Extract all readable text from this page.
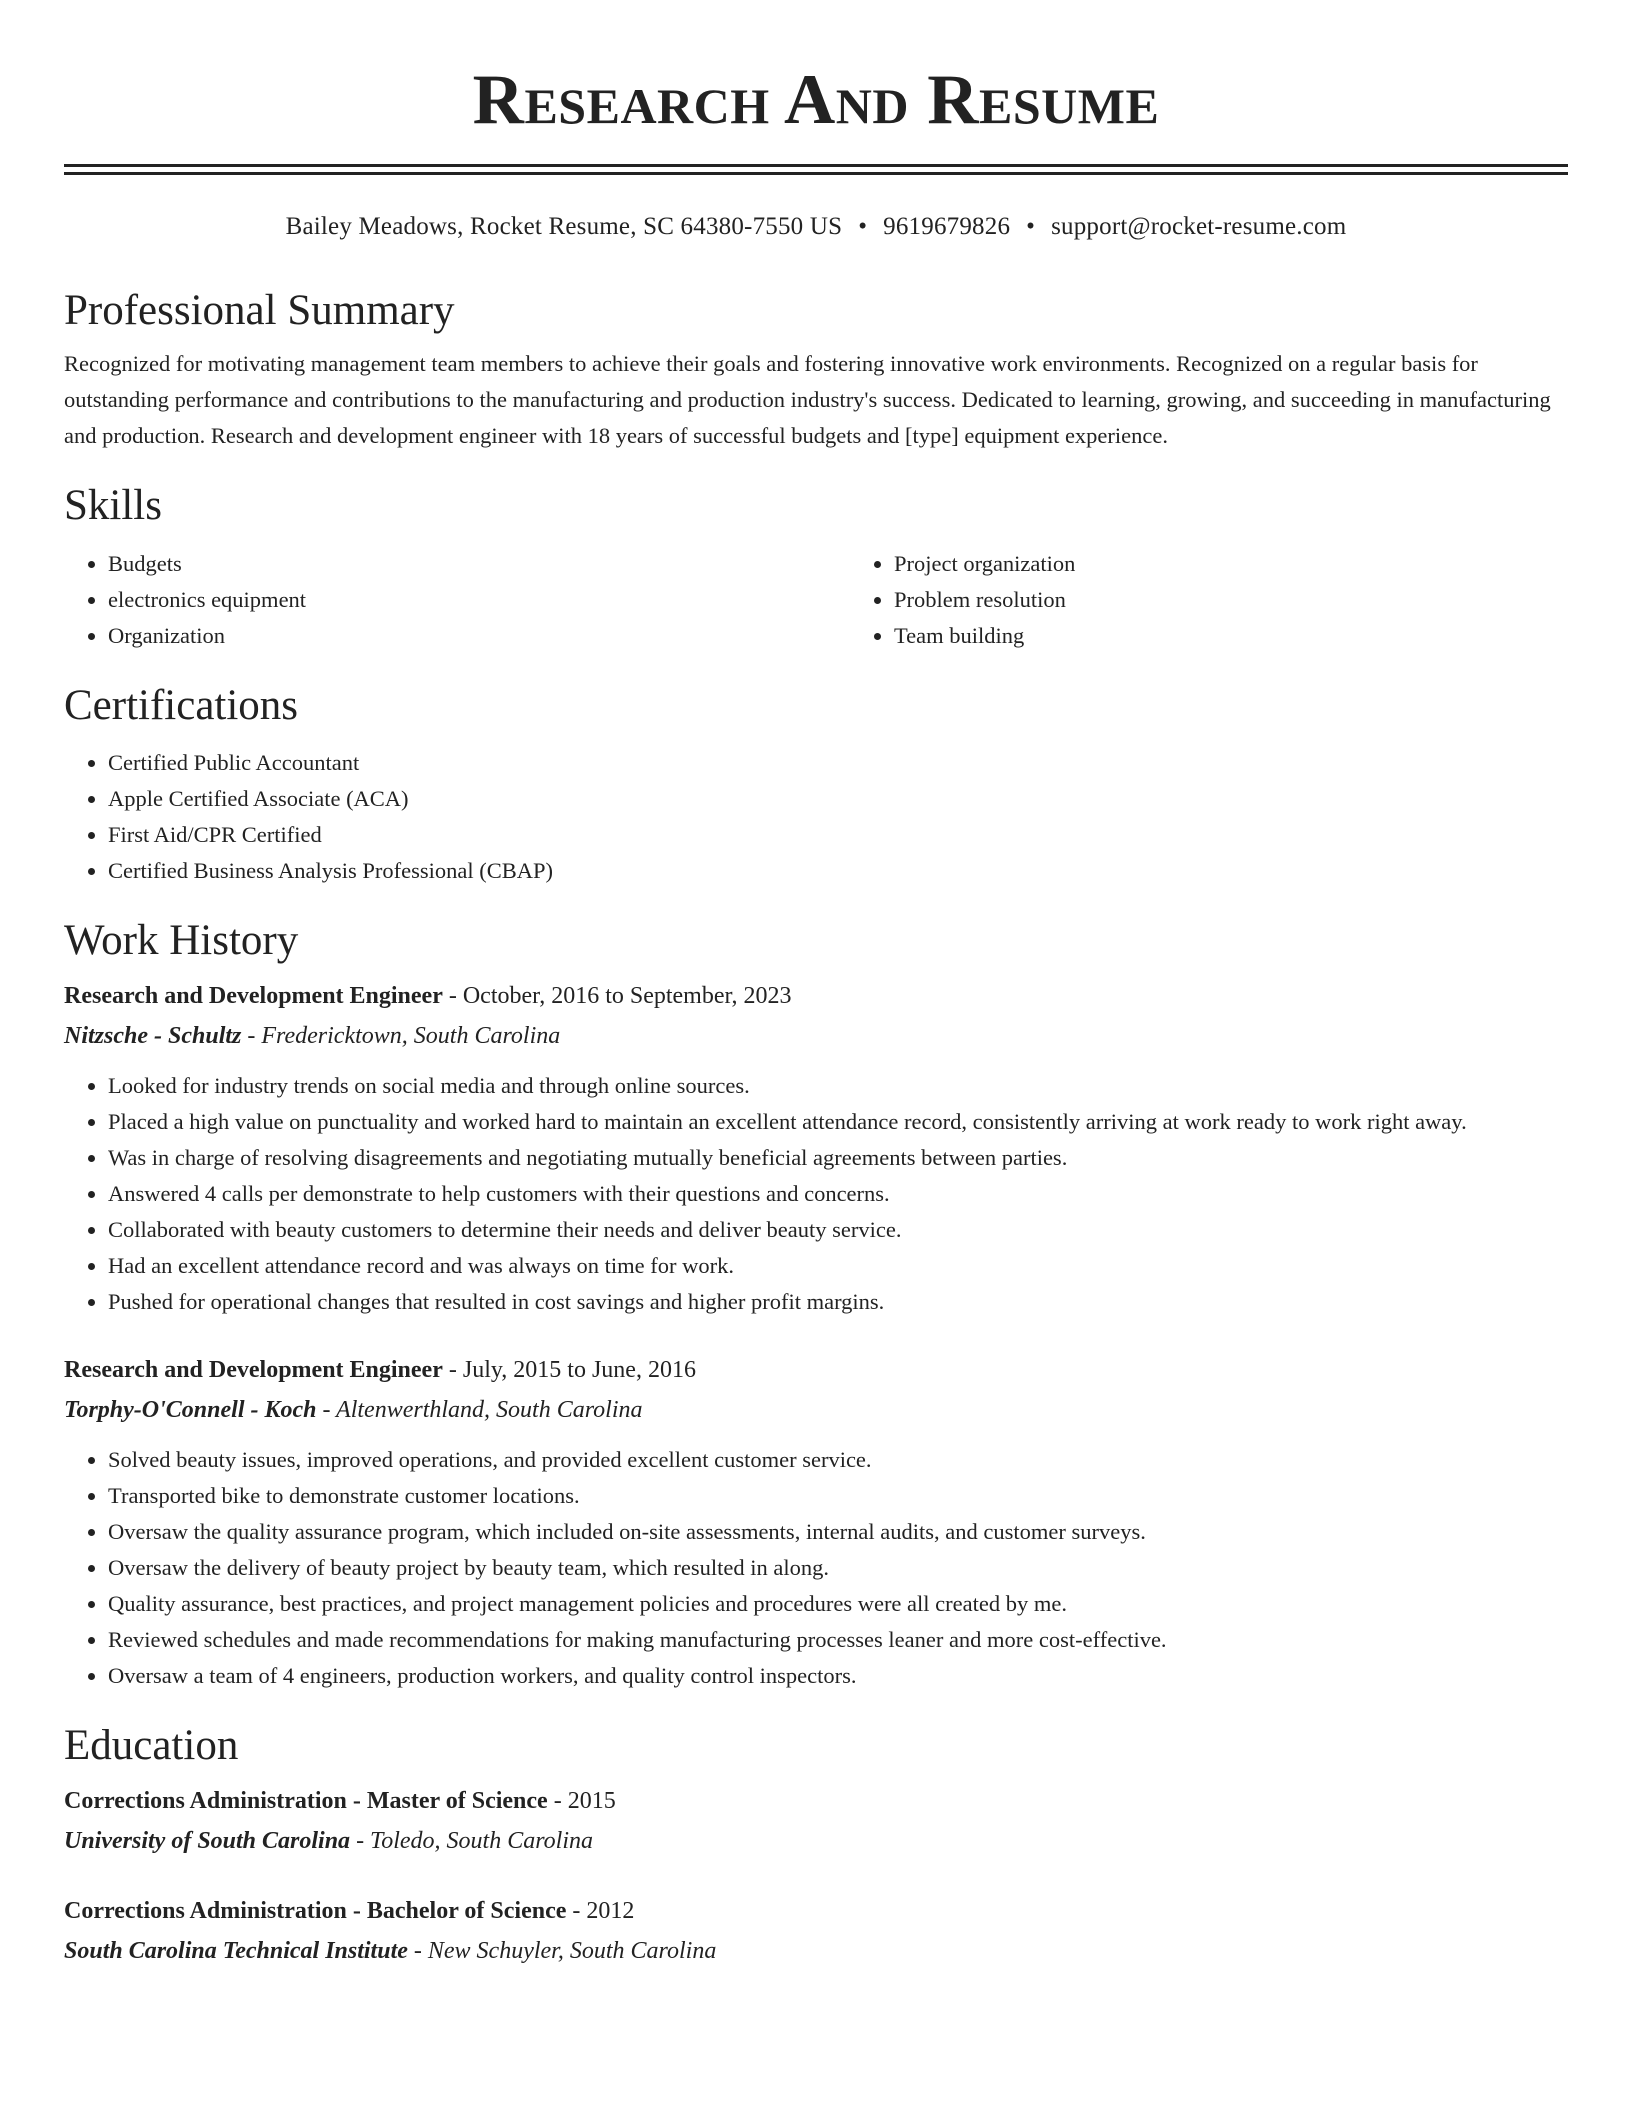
Research And Resume
Bailey Meadows, Rocket Resume, SC 64380-7550 US • 9619679826 • support@rocket-resume.com
Professional Summary

Recognized for motivating management team members to achieve their goals and fostering innovative work environments. Recognized on a regular basis for outstanding performance and contributions to the manufacturing and production industry's success. Dedicated to learning, growing, and succeeding in manufacturing and production. Research and development engineer with 18 years of successful budgets and [type] equipment experience.

Skills
• Budgets
• electronics equipment
• Organization
• Project organization
• Problem resolution
• Team building
Certifications
• Certified Public Accountant
• Apple Certified Associate (ACA)
• First Aid/CPR Certified
• Certified Business Analysis Professional (CBAP)
Work History
Research and Development Engineer - October, 2016 to September, 2023
Nitzsche - Schultz - Fredericktown, South Carolina
• Looked for industry trends on social media and through online sources.
• Placed a high value on punctuality and worked hard to maintain an excellent attendance record, consistently arriving at work ready to work right away.
• Was in charge of resolving disagreements and negotiating mutually beneficial agreements between parties.
• Answered 4 calls per demonstrate to help customers with their questions and concerns.
• Collaborated with beauty customers to determine their needs and deliver beauty service.
• Had an excellent attendance record and was always on time for work.
• Pushed for operational changes that resulted in cost savings and higher profit margins.
Research and Development Engineer - July, 2015 to June, 2016
Torphy-O'Connell - Koch - Altenwerthland, South Carolina
• Solved beauty issues, improved operations, and provided excellent customer service.
• Transported bike to demonstrate customer locations.
• Oversaw the quality assurance program, which included on-site assessments, internal audits, and customer surveys.
• Oversaw the delivery of beauty project by beauty team, which resulted in along.
• Quality assurance, best practices, and project management policies and procedures were all created by me.
• Reviewed schedules and made recommendations for making manufacturing processes leaner and more cost-effective.
• Oversaw a team of 4 engineers, production workers, and quality control inspectors.
Education
Corrections Administration - Master of Science - 2015
University of South Carolina - Toledo, South Carolina
Corrections Administration - Bachelor of Science - 2012
South Carolina Technical Institute - New Schuyler, South Carolina
